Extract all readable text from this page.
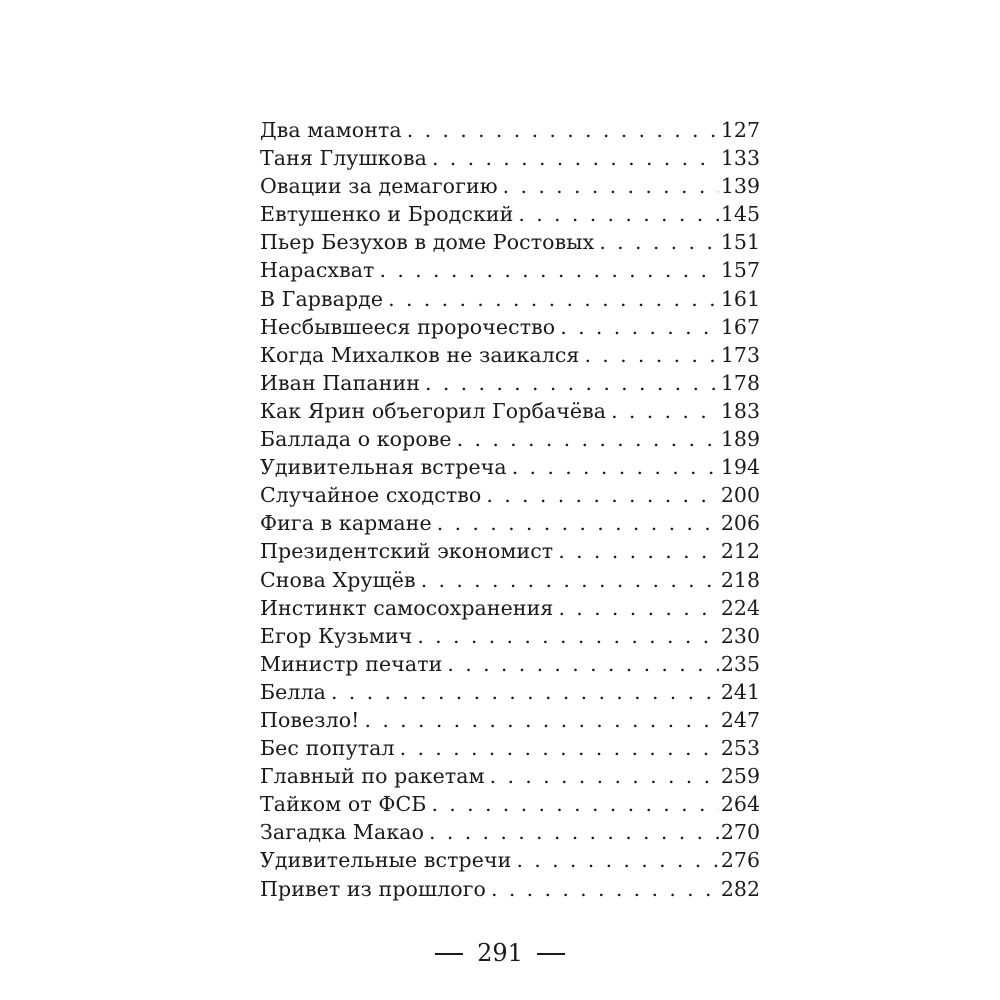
Два мамонта . . .	127
Таня Глушкова . . .	133
Овации за демагогию . . .	139
Евтушенко и Бродский . . .	145
Пьер Безухов в доме Ростовых . . .	151
Нарасхват . . .	157
В Гарварде . . .	161
Несбывшееся пророчество . . .	167
Когда Михалков не заикался . . .	173
Иван Папанин . . .	178
Как Ярин объегорил Горбачёва . . .	183
Баллада о корове . . .	189
Удивительная встреча . . .	194
Случайное сходство . . .	200
Фига в кармане . . .	206
Президентский экономист . . .	212
Снова Хрущёв . . .	218
Инстинкт самосохранения . . .	224
Егор Кузьмич . . .	230
Министр печати . . .	235
Белла . . .	241
Повезло! . . .	247
Бес попутал . . .	253
Главный по ракетам . . .	259
Тайком от ФСБ . . .	264
Загадка Макао . . .	270
Удивительные встречи . . .	276
Привет из прошлого . . .	282
291
